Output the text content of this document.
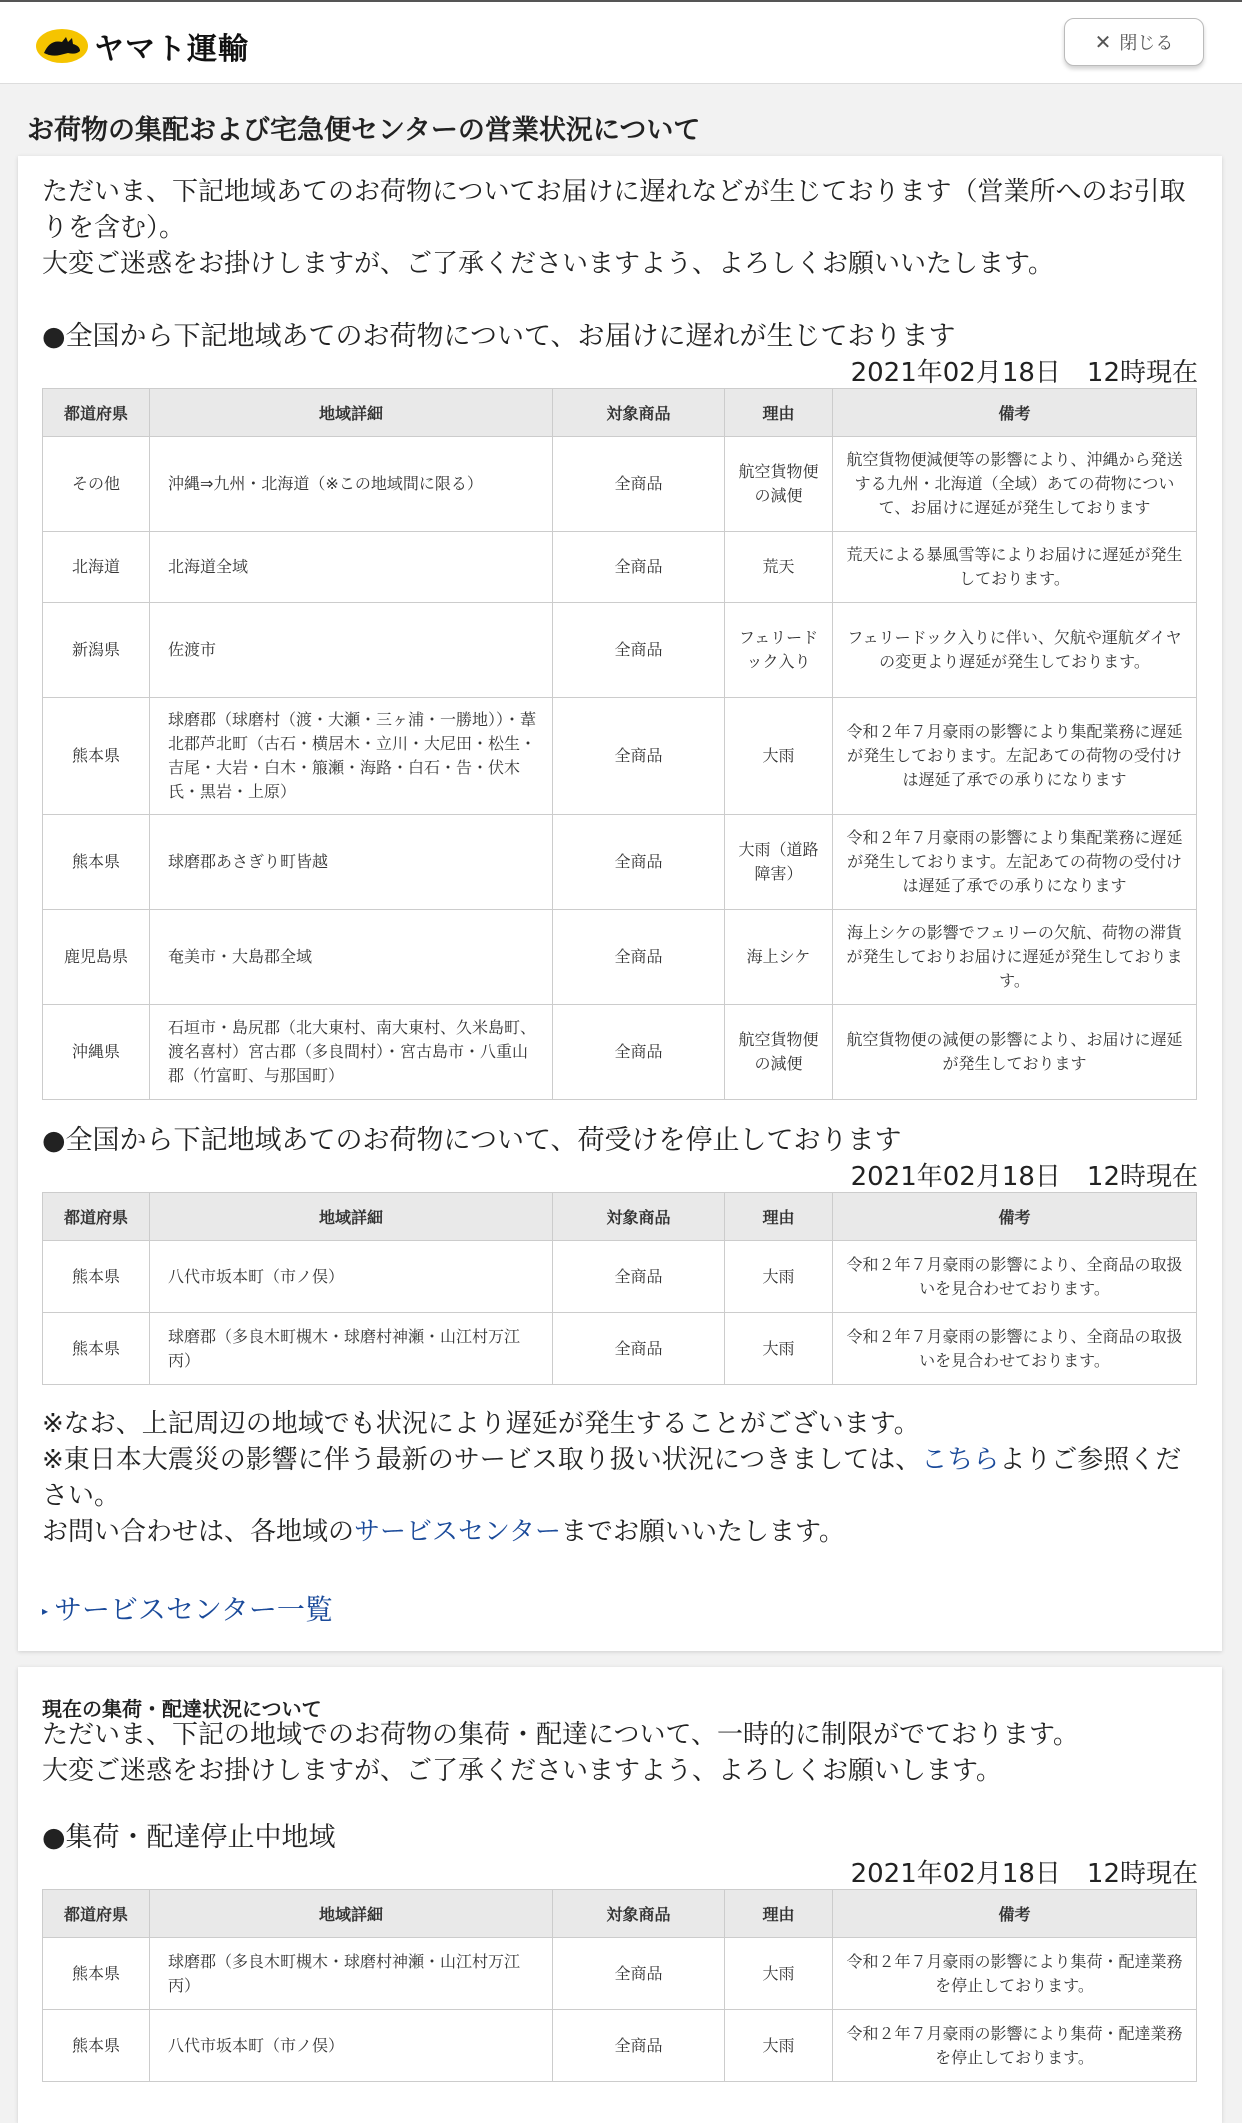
ヤマト運輸	✕ 閉じる
お荷物の集配および宅急便センターの営業状況について
ただいま、下記地域あてのお荷物についてお届けに遅れなどが生じております（営業所へのお引取りを含む）。
大変ご迷惑をお掛けしますが、ご了承くださいますよう、よろしくお願いいたします。
●全国から下記地域あてのお荷物について、お届けに遅れが生じております
2021年02月18日　12時現在
都道府県	地域詳細	対象商品	理由	備考
その他	沖縄⇒九州・北海道（※この地域間に限る）	全商品	航空貨物便の減便	航空貨物便減便等の影響により、沖縄から発送する九州・北海道（全域）あての荷物について、お届けに遅延が発生しております
北海道	北海道全域	全商品	荒天	荒天による暴風雪等によりお届けに遅延が発生しております。
新潟県	佐渡市	全商品	フェリードック入り	フェリードック入りに伴い、欠航や運航ダイヤの変更より遅延が発生しております。
熊本県	球磨郡（球磨村（渡・大瀬・三ヶ浦・一勝地））・葦北郡芦北町（古石・横居木・立川・大尼田・松生・吉尾・大岩・白木・箙瀬・海路・白石・告・伏木氏・黒岩・上原）	全商品	大雨	令和２年７月豪雨の影響により集配業務に遅延が発生しております。左記あての荷物の受付けは遅延了承での承りになります
熊本県	球磨郡あさぎり町皆越	全商品	大雨（道路障害）	令和２年７月豪雨の影響により集配業務に遅延が発生しております。左記あての荷物の受付けは遅延了承での承りになります
鹿児島県	奄美市・大島郡全域	全商品	海上シケ	海上シケの影響でフェリーの欠航、荷物の滞貨が発生しておりお届けに遅延が発生しております。
沖縄県	石垣市・島尻郡（北大東村、南大東村、久米島町、渡名喜村）宮古郡（多良間村）・宮古島市・八重山郡（竹富町、与那国町）	全商品	航空貨物便の減便	航空貨物便の減便の影響により、お届けに遅延が発生しております
●全国から下記地域あてのお荷物について、荷受けを停止しております
2021年02月18日　12時現在
都道府県	地域詳細	対象商品	理由	備考
熊本県	八代市坂本町（市ノ俣）	全商品	大雨	令和２年７月豪雨の影響により、全商品の取扱いを見合わせております。
熊本県	球磨郡（多良木町槻木・球磨村神瀬・山江村万江丙）	全商品	大雨	令和２年７月豪雨の影響により、全商品の取扱いを見合わせております。
※なお、上記周辺の地域でも状況により遅延が発生することがございます。
※東日本大震災の影響に伴う最新のサービス取り扱い状況につきましては、こちらよりご参照ください。
お問い合わせは、各地域のサービスセンターまでお願いいたします。
▸ サービスセンター一覧
現在の集荷・配達状況について
ただいま、下記の地域でのお荷物の集荷・配達について、一時的に制限がでております。
大変ご迷惑をお掛けしますが、ご了承くださいますよう、よろしくお願いします。
●集荷・配達停止中地域
2021年02月18日　12時現在
都道府県	地域詳細	対象商品	理由	備考
熊本県	球磨郡（多良木町槻木・球磨村神瀬・山江村万江丙）	全商品	大雨	令和２年７月豪雨の影響により集荷・配達業務を停止しております。
熊本県	八代市坂本町（市ノ俣）	全商品	大雨	令和２年７月豪雨の影響により集荷・配達業務を停止しております。
